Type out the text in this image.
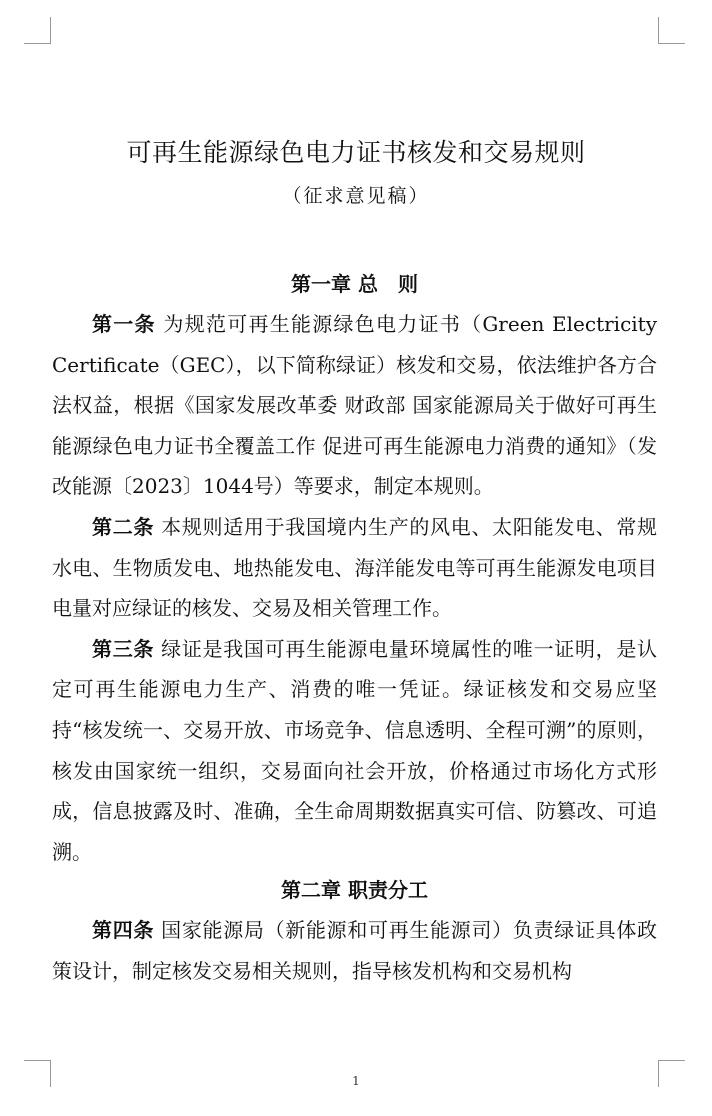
可再生能源绿色电力证书核发和交易规则
（征求意见稿）
第一章 总　则

第一条 为规范可再生能源绿色电力证书（Green Electricity Certificate（GEC），以下简称绿证）核发和交易，依法维护各方合法权益，根据《国家发展改革委 财政部 国家能源局关于做好可再生能源绿色电力证书全覆盖工作 促进可再生能源电力消费的通知》（发改能源〔2023〕1044号）等要求，制定本规则。

第二条 本规则适用于我国境内生产的风电、太阳能发电、常规水电、生物质发电、地热能发电、海洋能发电等可再生能源发电项目电量对应绿证的核发、交易及相关管理工作。

第三条 绿证是我国可再生能源电量环境属性的唯一证明，是认定可再生能源电力生产、消费的唯一凭证。绿证核发和交易应坚持“核发统一、交易开放、市场竞争、信息透明、全程可溯”的原则，核发由国家统一组织，交易面向社会开放，价格通过市场化方式形成，信息披露及时、准确，全生命周期数据真实可信、防篡改、可追溯。

第二章 职责分工

第四条 国家能源局（新能源和可再生能源司）负责绿证具体政策设计，制定核发交易相关规则，指导核发机构和交易机构

1
